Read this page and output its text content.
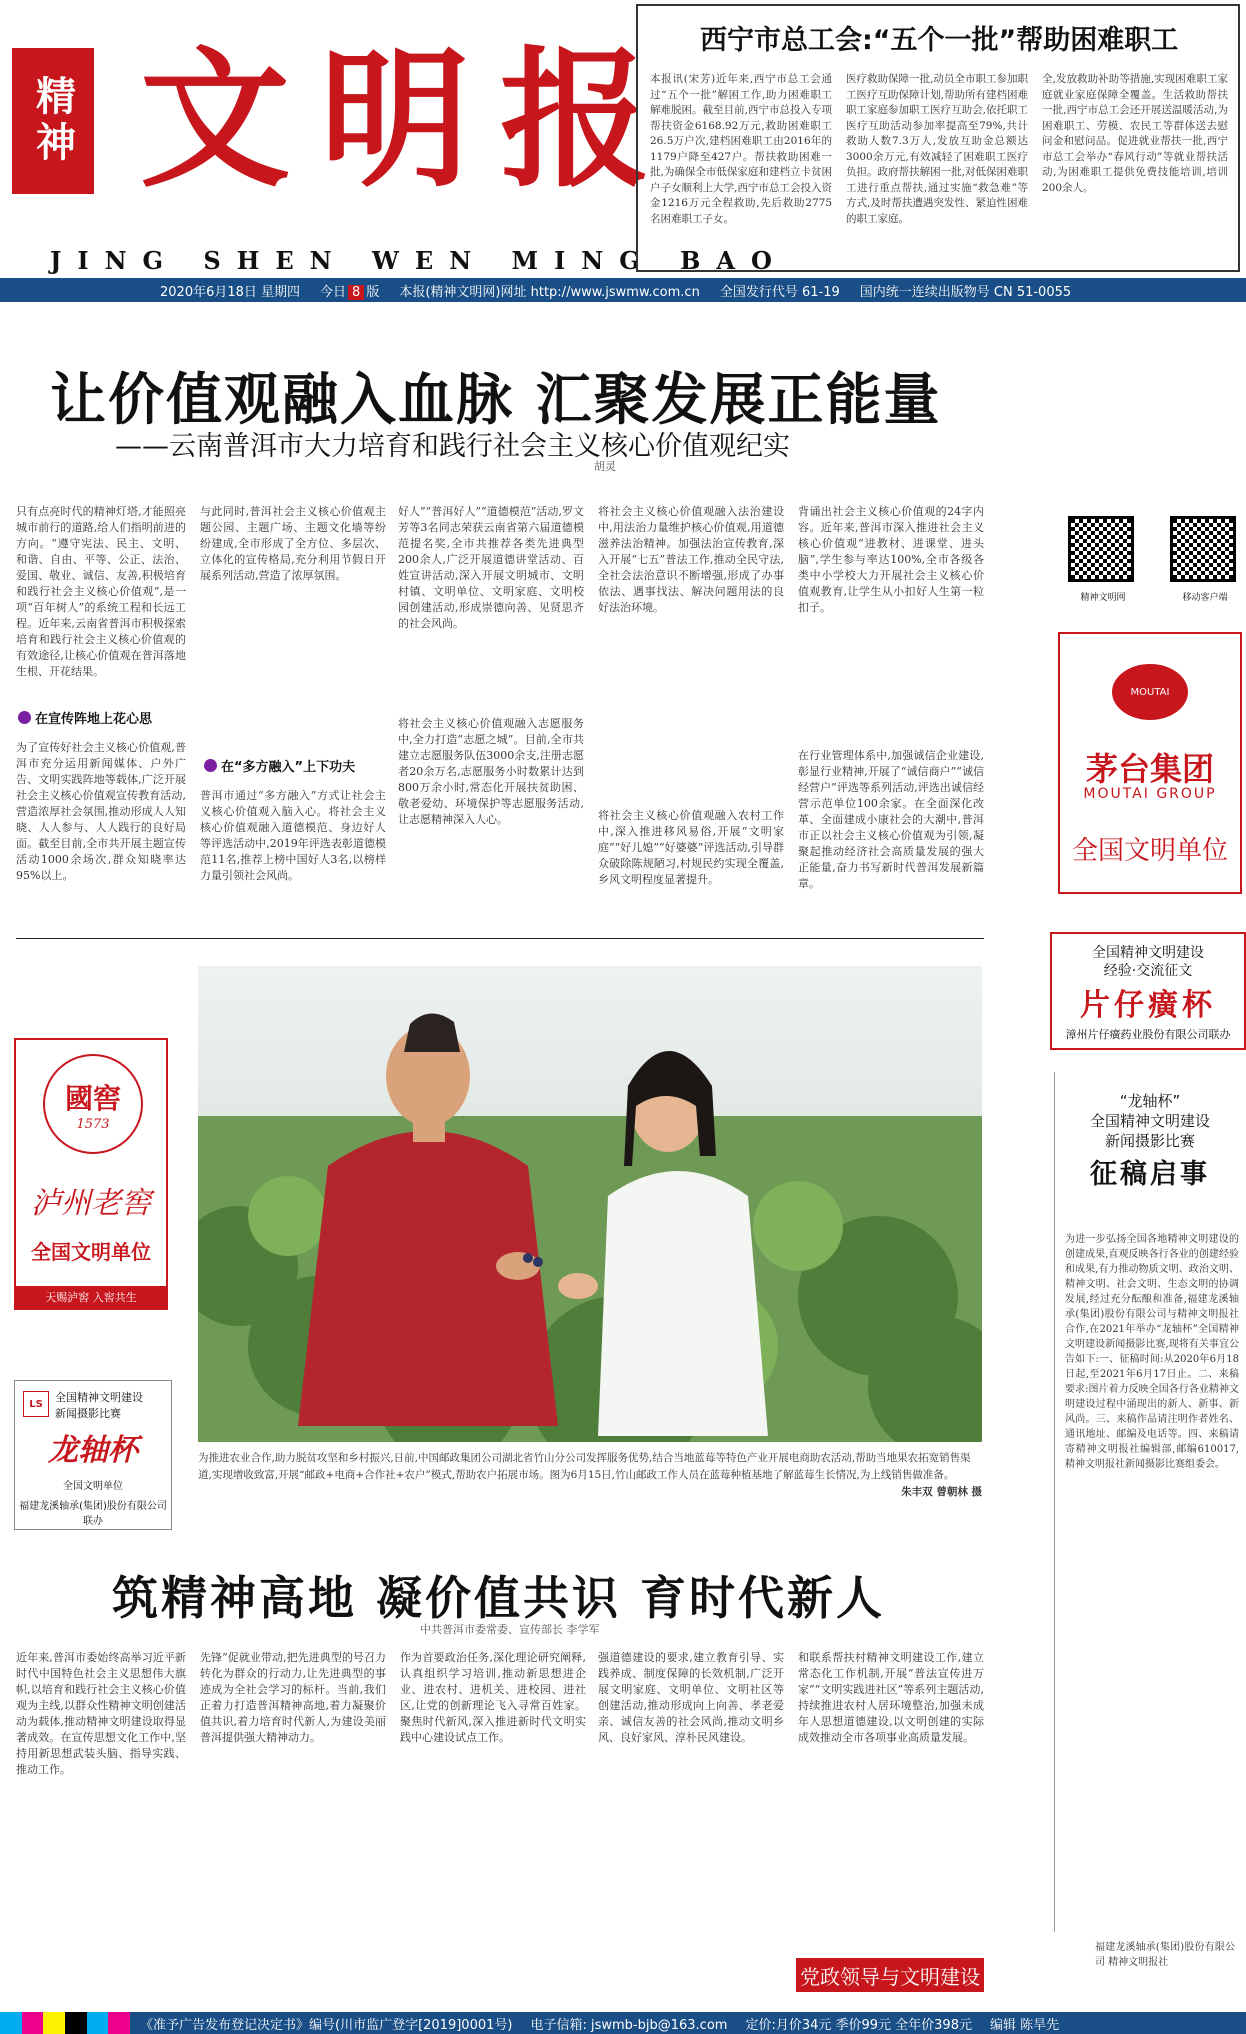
精神 文明报
JING SHEN WEN MING BAO
2020年6月18日 星期四 今日 8 版 本报(精神文明网)网址 http://www.jswmw.com.cn 全国发行代号 61-19 国内统一连续出版物号 CN 51-0055
西宁市总工会:“五个一批”帮助困难职工
本报讯(宋芳)近年来,西宁市总工会通过“五个一批”解困工作,助力困难职工解难脱困。截至目前,西宁市总投入专项帮扶资金6168.92万元,救助困难职工26.5万户次,建档困难职工由2016年的1179户降至427户。帮扶救助困难一批,为确保全市低保家庭和建档立卡贫困户子女顺利上大学,西宁市总工会投入资金1216万元全程救助,先后救助2775名困难职工子女。
医疗救助保障一批,动员全市职工参加职工医疗互助保障计划,帮助所有建档困难职工家庭参加职工医疗互助会,依托职工医疗互助活动参加率提高至79%,共计救助人数7.3万人,发放互助金总额达3000余万元,有效减轻了困难职工医疗负担。政府帮扶解困一批,对低保困难职工进行重点帮扶,通过实施“救急难”等方式,及时帮扶遭遇突发性、紧迫性困难的职工家庭。
全,发放救助补助等措施,实现困难职工家庭就业家庭保障全覆盖。生活救助帮扶一批,西宁市总工会还开展送温暖活动,为困难职工、劳模、农民工等群体送去慰问金和慰问品。促进就业帮扶一批,西宁市总工会举办“春风行动”等就业帮扶活动,为困难职工提供免费技能培训,培训200余人。
让价值观融入血脉 汇聚发展正能量
——云南普洱市大力培育和践行社会主义核心价值观纪实
胡灵
只有点亮时代的精神灯塔,才能照亮城市前行的道路,给人们指明前进的方向。“遵守宪法、民主、文明、和谐、自由、平等、公正、法治、爱国、敬业、诚信、友善,积极培育和践行社会主义核心价值观”,是一项“百年树人”的系统工程和长远工程。近年来,云南省普洱市积极探索培育和践行社会主义核心价值观的有效途径,让核心价值观在普洱落地生根、开花结果。
在宣传阵地上花心思
为了宣传好社会主义核心价值观,普洱市充分运用新闻媒体、户外广告、文明实践阵地等载体,广泛开展社会主义核心价值观宣传教育活动,营造浓厚社会氛围,推动形成人人知晓、人人参与、人人践行的良好局面。截至目前,全市共开展主题宣传活动1000余场次,群众知晓率达95%以上。
与此同时,普洱社会主义核心价值观主题公园、主题广场、主题文化墙等纷纷建成,全市形成了全方位、多层次、立体化的宣传格局,充分利用节假日开展系列活动,营造了浓厚氛围。
在“多方融入”上下功夫
普洱市通过“多方融入”方式让社会主义核心价值观入脑入心。将社会主义核心价值观融入道德模范、身边好人等评选活动中,2019年评选表彰道德模范11名,推荐上榜中国好人3名,以榜样力量引领社会风尚。
好人”“普洱好人”“道德模范”活动,罗文芳等3名同志荣获云南省第六届道德模范提名奖,全市共推荐各类先进典型200余人,广泛开展道德讲堂活动、百姓宣讲活动,深入开展文明城市、文明村镇、文明单位、文明家庭、文明校园创建活动,形成崇德向善、见贤思齐的社会风尚。
将社会主义核心价值观融入志愿服务中,全力打造“志愿之城”。目前,全市共建立志愿服务队伍3000余支,注册志愿者20余万名,志愿服务小时数累计达到800万余小时,常态化开展扶贫助困、敬老爱幼、环境保护等志愿服务活动,让志愿精神深入人心。
将社会主义核心价值观融入法治建设中,用法治力量维护核心价值观,用道德滋养法治精神。加强法治宣传教育,深入开展“七五”普法工作,推动全民守法,全社会法治意识不断增强,形成了办事依法、遇事找法、解决问题用法的良好法治环境。
将社会主义核心价值观融入农村工作中,深入推进移风易俗,开展“文明家庭”“好儿媳”“好婆婆”评选活动,引导群众破除陈规陋习,村规民约实现全覆盖,乡风文明程度显著提升。
背诵出社会主义核心价值观的24字内容。近年来,普洱市深入推进社会主义核心价值观“进教材、进课堂、进头脑”,学生参与率达100%,全市各级各类中小学校大力开展社会主义核心价值观教育,让学生从小扣好人生第一粒扣子。
在行业管理体系中,加强诚信企业建设,彰显行业精神,开展了“诚信商户”“诚信经营户”评选等系列活动,评选出诚信经营示范单位100余家。在全面深化改革、全面建成小康社会的大潮中,普洱市正以社会主义核心价值观为引领,凝聚起推动经济社会高质量发展的强大正能量,奋力书写新时代普洱发展新篇章。
精神文明网	移动客户端
MOUTAI
茅台集团
MOUTAI GROUP
全国文明单位
全国精神文明建设
经验·交流征文
片仔癀杯
漳州片仔癀药业股份有限公司联办
“龙轴杯”
全国精神文明建设
新闻摄影比赛
征稿启事
为进一步弘扬全国各地精神文明建设的创建成果,直观反映各行各业的创建经验和成果,有力推动物质文明、政治文明、精神文明、社会文明、生态文明的协调发展,经过充分酝酿和准备,福建龙溪轴承(集团)股份有限公司与精神文明报社合作,在2021年举办“龙轴杯”全国精神文明建设新闻摄影比赛,现将有关事宜公告如下:一、征稿时间:从2020年6月18日起,至2021年6月17日止。二、来稿要求:图片着力反映全国各行各业精神文明建设过程中涌现出的新人、新事、新风尚。三、来稿作品请注明作者姓名、通讯地址、邮编及电话等。四、来稿请寄精神文明报社编辑部,邮编610017,精神文明报社新闻摄影比赛组委会。
福建龙溪轴承(集团)股份有限公司 精神文明报社
國窖
1573
泸州老窖
全国文明单位
天赐泸窖 入窖共生
LS	全国精神文明建设
新闻摄影比赛
龙轴杯
全国文明单位
福建龙溪轴承(集团)股份有限公司联办
为推进农业合作,助力脱贫攻坚和乡村振兴,日前,中国邮政集团公司湖北省竹山分公司发挥服务优势,结合当地蓝莓等特色产业开展电商助农活动,帮助当地果农拓宽销售渠道,实现增收致富,开展“邮政+电商+合作社+农户”模式,帮助农户拓展市场。图为6月15日,竹山邮政工作人员在蓝莓种植基地了解蓝莓生长情况,为上线销售做准备。
朱丰双 曾朝林 摄
筑精神高地 凝价值共识 育时代新人
中共普洱市委常委、宣传部长 李学军
近年来,普洱市委始终高举习近平新时代中国特色社会主义思想伟大旗帜,以培育和践行社会主义核心价值观为主线,以群众性精神文明创建活动为载体,推动精神文明建设取得显著成效。在宣传思想文化工作中,坚持用新思想武装头脑、指导实践、推动工作。
先锋”促就业带动,把先进典型的号召力转化为群众的行动力,让先进典型的事迹成为全社会学习的标杆。当前,我们正着力打造普洱精神高地,着力凝聚价值共识,着力培育时代新人,为建设美丽普洱提供强大精神动力。
作为首要政治任务,深化理论研究阐释,认真组织学习培训,推动新思想进企业、进农村、进机关、进校园、进社区,让党的创新理论飞入寻常百姓家。聚焦时代新风,深入推进新时代文明实践中心建设试点工作。
强道德建设的要求,建立教育引导、实践养成、制度保障的长效机制,广泛开展文明家庭、文明单位、文明社区等创建活动,推动形成向上向善、孝老爱亲、诚信友善的社会风尚,推动文明乡风、良好家风、淳朴民风建设。
和联系帮扶村精神文明建设工作,建立常态化工作机制,开展“普法宣传进万家”“文明实践进社区”等系列主题活动,持续推进农村人居环境整治,加强未成年人思想道德建设,以文明创建的实际成效推动全市各项事业高质量发展。
党政领导与文明建设
《准予广告发布登记决定书》编号(川市监广登字[2019]0001号) 电子信箱: jswmb-bjb@163.com 定价:月价34元 季价99元 全年价398元 编辑 陈旱先
